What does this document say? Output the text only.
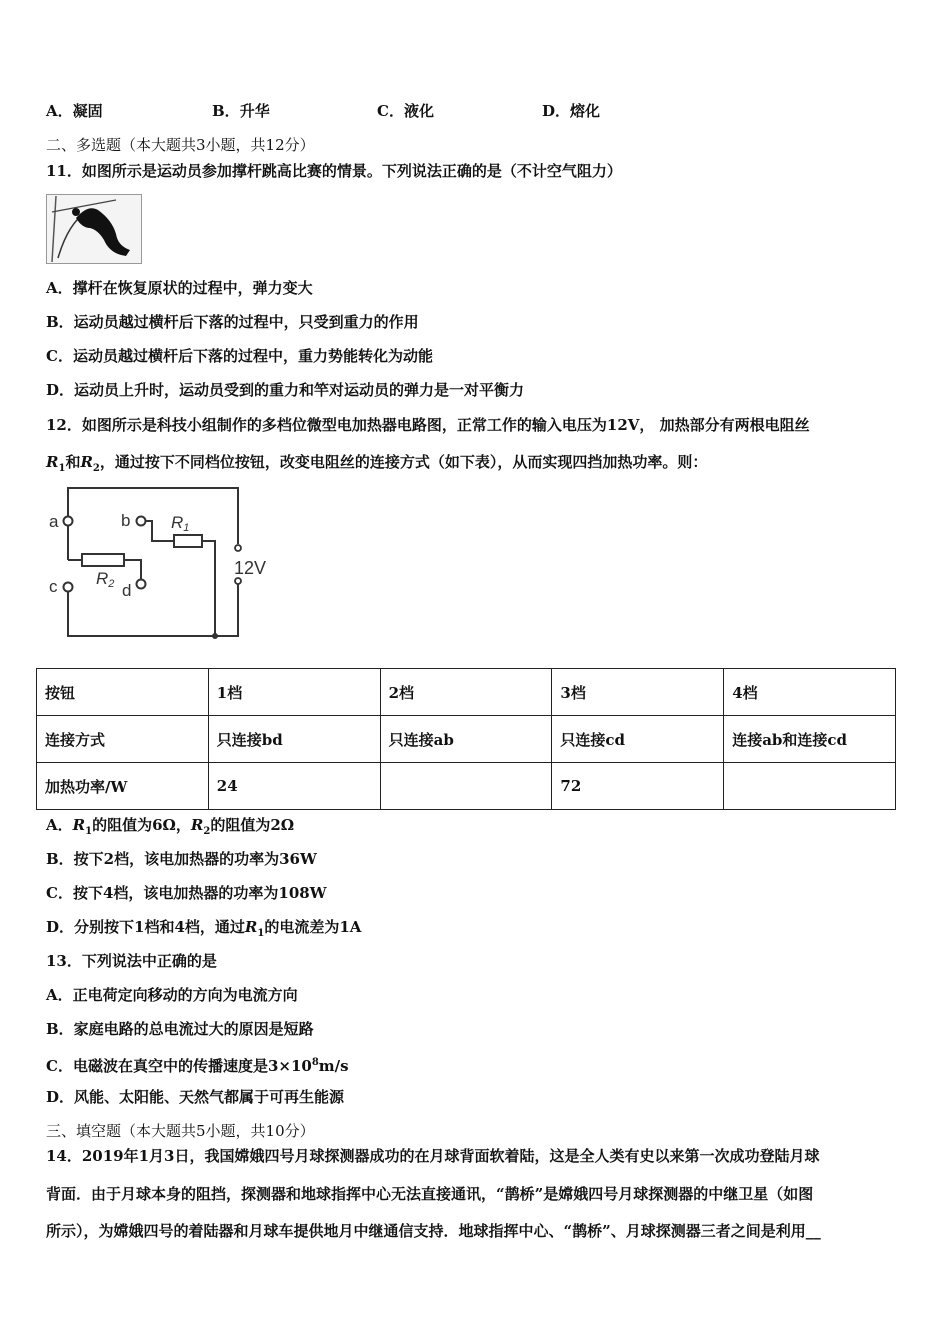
A．凝固	B．升华	C．液化	D．熔化
二、多选题（本大题共3小题，共12分）
11．如图所示是运动员参加撑杆跳高比赛的情景。下列说法正确的是（不计空气阻力）
A．撑杆在恢复原状的过程中，弹力变大
B．运动员越过横杆后下落的过程中，只受到重力的作用
C．运动员越过横杆后下落的过程中，重力势能转化为动能
D．运动员上升时，运动员受到的重力和竿对运动员的弹力是一对平衡力
12．如图所示是科技小组制作的多档位微型电加热器电路图，正常工作的输入电压为12V， 加热部分有两根电阻丝
$R_1$和$R_2$，通过按下不同档位按钮，改变电阻丝的连接方式（如下表），从而实现四挡加热功率。则：
a	b
c	d
R1
R2
12V
按钮	1档	2档	3档	4档
连接方式	只连接bd	只连接ab	只连接cd	连接ab和连接cd
加热功率/W	24		72	
A．$R_1$的阻值为6Ω，$R_2$的阻值为2Ω
B．按下2档，该电加热器的功率为36W
C．按下4档，该电加热器的功率为108W
D．分别按下1档和4档，通过$R_1$的电流差为1A
13．下列说法中正确的是
A．正电荷定向移动的方向为电流方向
B．家庭电路的总电流过大的原因是短路
C．电磁波在真空中的传播速度是$3\times 10^8m/s$
D．风能、太阳能、天然气都属于可再生能源
三、填空题（本大题共5小题，共10分）
14．2019年1月3日，我国嫦娥四号月球探测器成功的在月球背面软着陆，这是全人类有史以来第一次成功登陆月球
背面．由于月球本身的阻挡，探测器和地球指挥中心无法直接通讯，“鹊桥”是嫦娥四号月球探测器的中继卫星（如图
所示），为嫦娥四号的着陆器和月球车提供地月中继通信支持．地球指挥中心、“鹊桥”、月球探测器三者之间是利用__
